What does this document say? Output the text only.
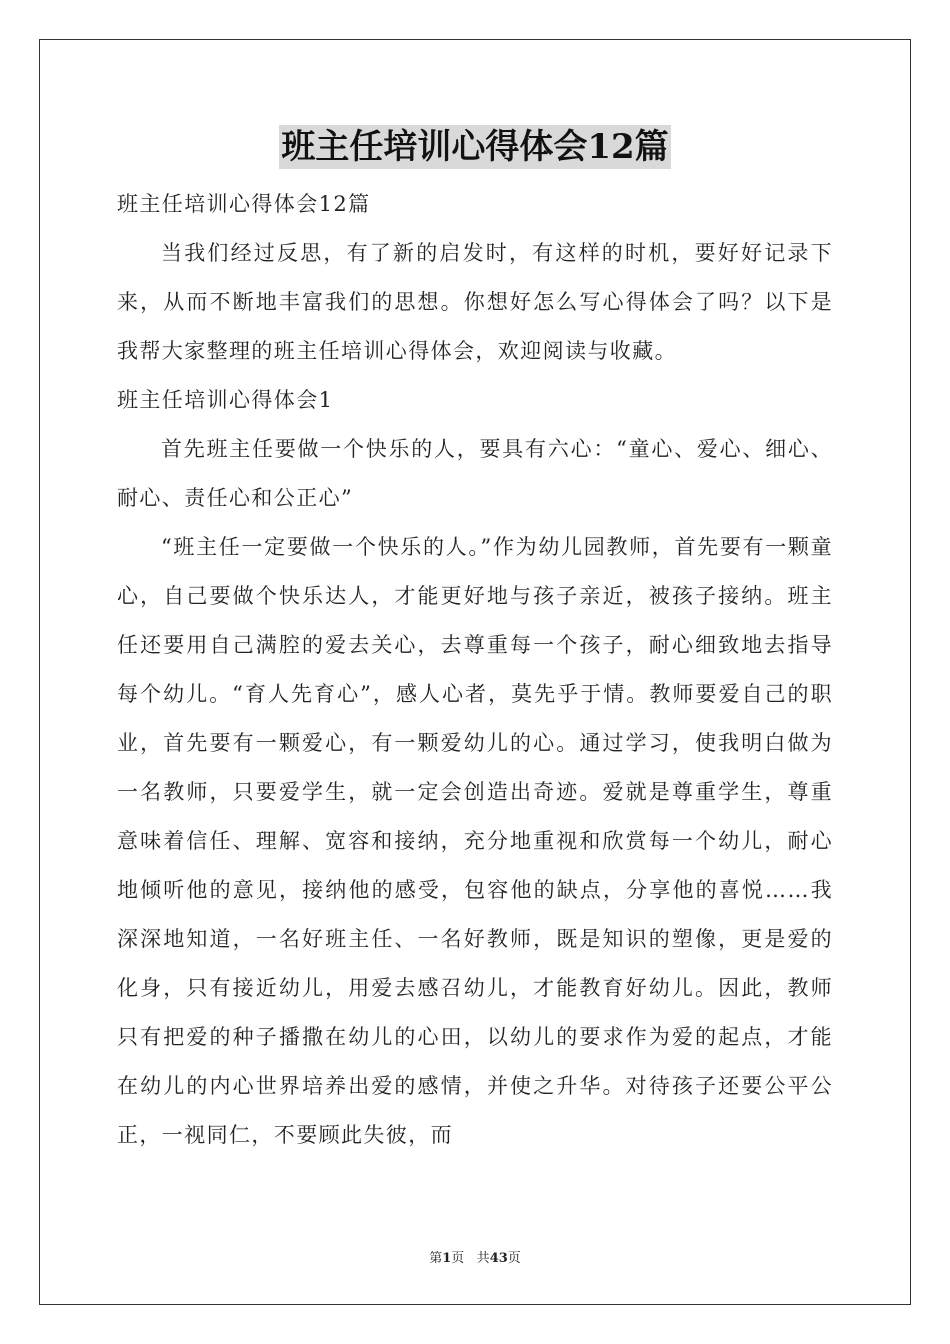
班主任培训心得体会12篇

班主任培训心得体会12篇

当我们经过反思，有了新的启发时，有这样的时机，要好好记录下来，从而不断地丰富我们的思想。你想好怎么写心得体会了吗？以下是我帮大家整理的班主任培训心得体会，欢迎阅读与收藏。

班主任培训心得体会1

首先班主任要做一个快乐的人，要具有六心：“童心、爱心、细心、耐心、责任心和公正心”

“班主任一定要做一个快乐的人。”作为幼儿园教师，首先要有一颗童心，自己要做个快乐达人，才能更好地与孩子亲近，被孩子接纳。班主任还要用自己满腔的爱去关心，去尊重每一个孩子，耐心细致地去指导每个幼儿。“育人先育心”，感人心者，莫先乎于情。教师要爱自己的职业，首先要有一颗爱心，有一颗爱幼儿的心。通过学习，使我明白做为一名教师，只要爱学生，就一定会创造出奇迹。爱就是尊重学生，尊重意味着信任、理解、宽容和接纳，充分地重视和欣赏每一个幼儿，耐心地倾听他的意见，接纳他的感受，包容他的缺点，分享他的喜悦……我深深地知道，一名好班主任、一名好教师，既是知识的塑像，更是爱的化身，只有接近幼儿，用爱去感召幼儿，才能教育好幼儿。因此，教师只有把爱的种子播撒在幼儿的心田，以幼儿的要求作为爱的起点，才能在幼儿的内心世界培养出爱的感情，并使之升华。对待孩子还要公平公正，一视同仁，不要顾此失彼，而

第1页 共43页
